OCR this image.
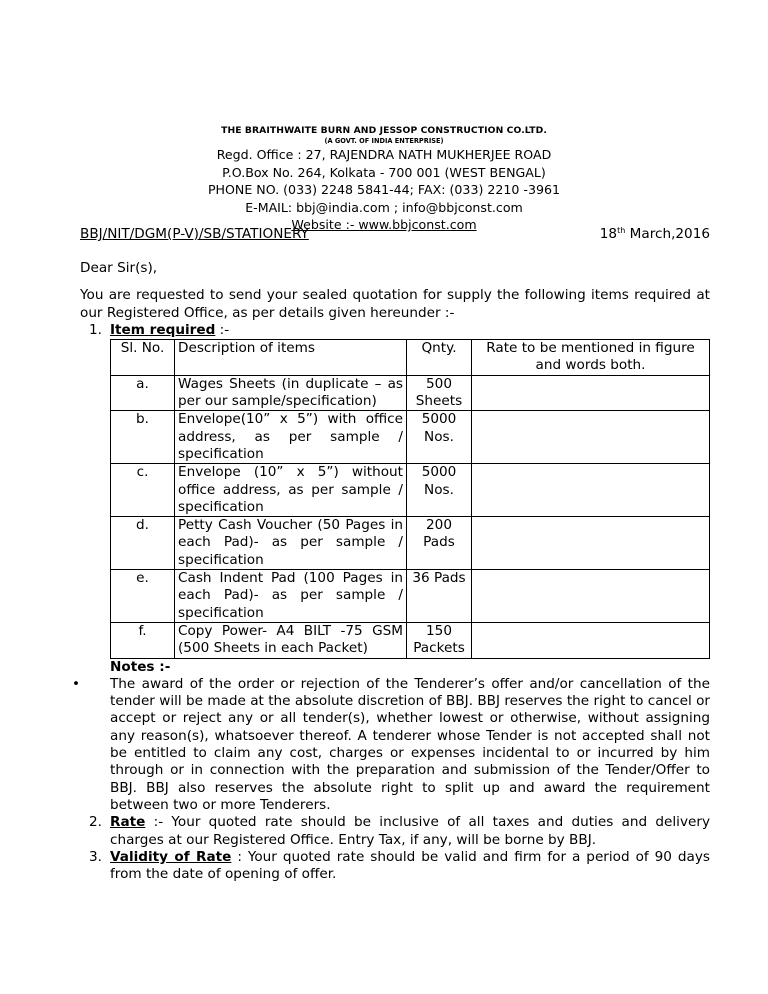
THE BRAITHWAITE BURN AND JESSOP CONSTRUCTION CO.LTD.
(A GOVT. OF INDIA ENTERPRISE)
Regd. Office : 27, RAJENDRA NATH MUKHERJEE ROAD
P.O.Box No. 264, Kolkata - 700 001 (WEST BENGAL)
PHONE NO. (033) 2248 5841-44; FAX: (033) 2210 -3961
E-MAIL: bbj@india.com ; info@bbjconst.com
Website :- www.bbjconst.com
BBJ/NIT/DGM(P-V)/SB/STATIONERY	18th March,2016

Dear Sir(s),

You are requested to send your sealed quotation for supply the following items required at our Registered Office, as per details given hereunder :-

1. Item required :-
Sl. No.	Description of items	Qnty.	Rate to be mentioned in figure and words both.
a.	Wages Sheets (in duplicate – as per our sample/specification)	500 Sheets	
b.	Envelope(10” x 5”) with office address, as per sample / specification	5000 Nos.	
c.	Envelope (10” x 5”) without office address, as per sample / specification	5000 Nos.	
d.	Petty Cash Voucher (50 Pages in each Pad)- as per sample / specification	200 Pads	
e.	Cash Indent Pad (100 Pages in each Pad)- as per sample / specification	36 Pads	
f.	Copy Power- A4 BILT -75 GSM (500 Sheets in each Packet)	150 Packets	
Notes :-
• The award of the order or rejection of the Tenderer’s offer and/or cancellation of the tender will be made at the absolute discretion of BBJ. BBJ reserves the right to cancel or accept or reject any or all tender(s), whether lowest or otherwise, without assigning any reason(s), whatsoever thereof. A tenderer whose Tender is not accepted shall not be entitled to claim any cost, charges or expenses incidental to or incurred by him through or in connection with the preparation and submission of the Tender/Offer to BBJ. BBJ also reserves the absolute right to split up and award the requirement between two or more Tenderers.
2. Rate :- Your quoted rate should be inclusive of all taxes and duties and delivery charges at our Registered Office. Entry Tax, if any, will be borne by BBJ.
3. Validity of Rate : Your quoted rate should be valid and firm for a period of 90 days from the date of opening of offer.
